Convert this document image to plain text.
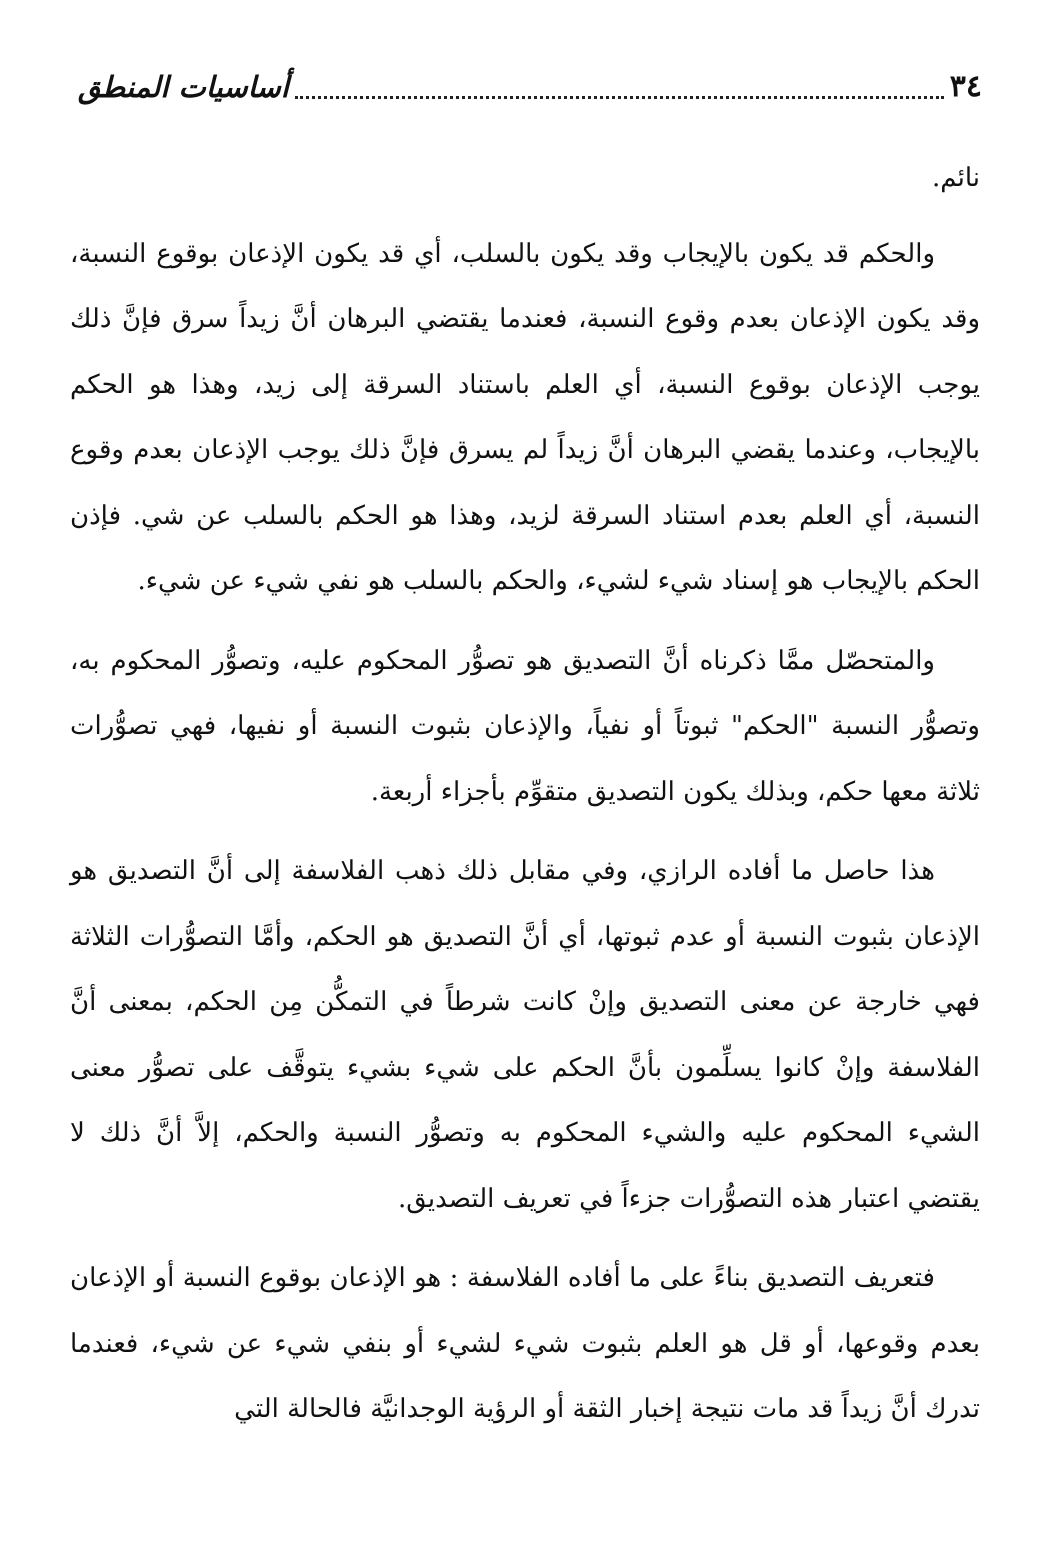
٣٤
أساسيات المنطق

نائم.

والحكم قد يكون بالإيجاب وقد يكون بالسلب، أي قد يكون الإذعان بوقوع النسبة، وقد يكون الإذعان بعدم وقوع النسبة، فعندما يقتضي البرهان أنَّ زيداً سرق فإنَّ ذلك يوجب الإذعان بوقوع النسبة، أي العلم باستناد السرقة إلى زيد، وهذا هو الحكم بالإيجاب، وعندما يقضي البرهان أنَّ زيداً لم يسرق فإنَّ ذلك يوجب الإذعان بعدم وقوع النسبة، أي العلم بعدم استناد السرقة لزيد، وهذا هو الحكم بالسلب عن شي. فإذن الحكم بالإيجاب هو إسناد شيء لشيء، والحكم بالسلب هو نفي شيء عن شيء.

والمتحصّل ممَّا ذكرناه أنَّ التصديق هو تصوُّر المحكوم عليه، وتصوُّر المحكوم به، وتصوُّر النسبة "الحكم" ثبوتاً أو نفياً، والإذعان بثبوت النسبة أو نفيها، فهي تصوُّرات ثلاثة معها حكم، وبذلك يكون التصديق متقوِّم بأجزاء أربعة.

هذا حاصل ما أفاده الرازي، وفي مقابل ذلك ذهب الفلاسفة إلى أنَّ التصديق هو الإذعان بثبوت النسبة أو عدم ثبوتها، أي أنَّ التصديق هو الحكم، وأمَّا التصوُّرات الثلاثة فهي خارجة عن معنى التصديق وإنْ كانت شرطاً في التمكُّن مِن الحكم، بمعنى أنَّ الفلاسفة وإنْ كانوا يسلِّمون بأنَّ الحكم على شيء بشيء يتوقَّف على تصوُّر معنى الشيء المحكوم عليه والشيء المحكوم به وتصوُّر النسبة والحكم، إلاَّ أنَّ ذلك لا يقتضي اعتبار هذه التصوُّرات جزءاً في تعريف التصديق.

فتعريف التصديق بناءً على ما أفاده الفلاسفة : هو الإذعان بوقوع النسبة أو الإذعان بعدم وقوعها، أو قل هو العلم بثبوت شيء لشيء أو بنفي شيء عن شيء، فعندما تدرك أنَّ زيداً قد مات نتيجة إخبار الثقة أو الرؤية الوجدانيَّة فالحالة التي
